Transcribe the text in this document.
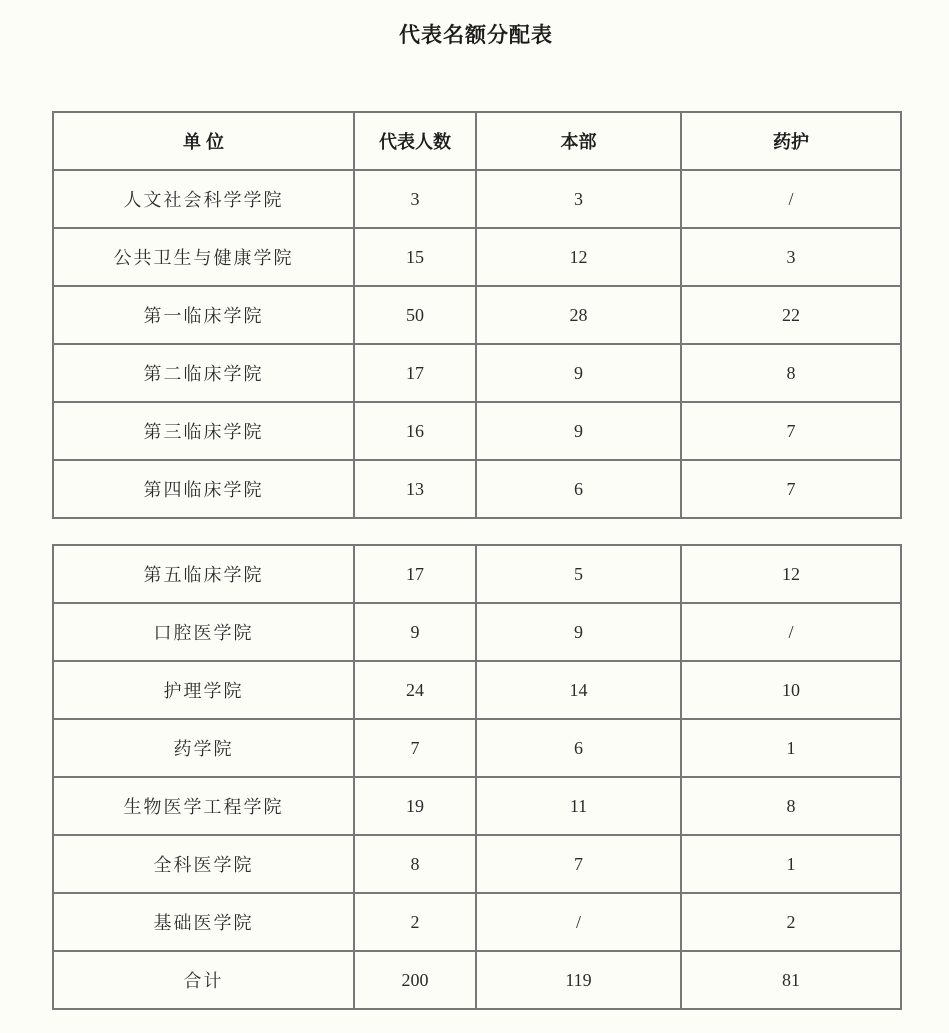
代表名额分配表
单 位	代表人数	本部	药护
人文社会科学学院	3	3	/
公共卫生与健康学院	15	12	3
第一临床学院	50	28	22
第二临床学院	17	9	8
第三临床学院	16	9	7
第四临床学院	13	6	7
第五临床学院	17	5	12
口腔医学院	9	9	/
护理学院	24	14	10
药学院	7	6	1
生物医学工程学院	19	11	8
全科医学院	8	7	1
基础医学院	2	/	2
合计	200	119	81
